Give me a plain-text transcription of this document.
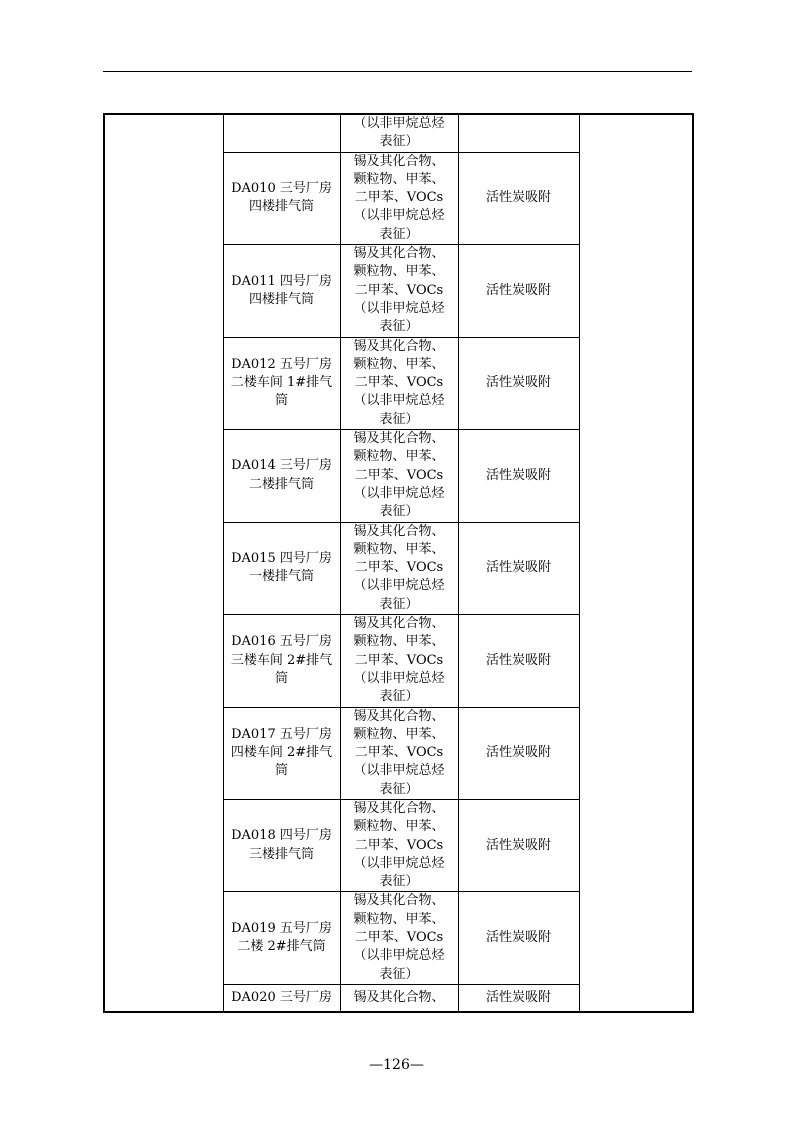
		（以非甲烷总烃
表征）		

	DA010 三号厂房
四楼排气筒	锡及其化合物、
颗粒物、甲苯、
二甲苯、VOCs
（以非甲烷总烃
表征）	活性炭吸附	

	DA011 四号厂房
四楼排气筒	锡及其化合物、
颗粒物、甲苯、
二甲苯、VOCs
（以非甲烷总烃
表征）	活性炭吸附	

	DA012 五号厂房
二楼车间 1#排气
筒	锡及其化合物、
颗粒物、甲苯、
二甲苯、VOCs
（以非甲烷总烃
表征）	活性炭吸附	

	DA014 三号厂房
二楼排气筒	锡及其化合物、
颗粒物、甲苯、
二甲苯、VOCs
（以非甲烷总烃
表征）	活性炭吸附	

	DA015 四号厂房
一楼排气筒	锡及其化合物、
颗粒物、甲苯、
二甲苯、VOCs
（以非甲烷总烃
表征）	活性炭吸附	

	DA016 五号厂房
三楼车间 2#排气
筒	锡及其化合物、
颗粒物、甲苯、
二甲苯、VOCs
（以非甲烷总烃
表征）	活性炭吸附	

	DA017 五号厂房
四楼车间 2#排气
筒	锡及其化合物、
颗粒物、甲苯、
二甲苯、VOCs
（以非甲烷总烃
表征）	活性炭吸附	

	DA018 四号厂房
三楼排气筒	锡及其化合物、
颗粒物、甲苯、
二甲苯、VOCs
（以非甲烷总烃
表征）	活性炭吸附	

	DA019 五号厂房
二楼 2#排气筒	锡及其化合物、
颗粒物、甲苯、
二甲苯、VOCs
（以非甲烷总烃
表征）	活性炭吸附	

	DA020 三号厂房	锡及其化合物、	活性炭吸附	
—126—
